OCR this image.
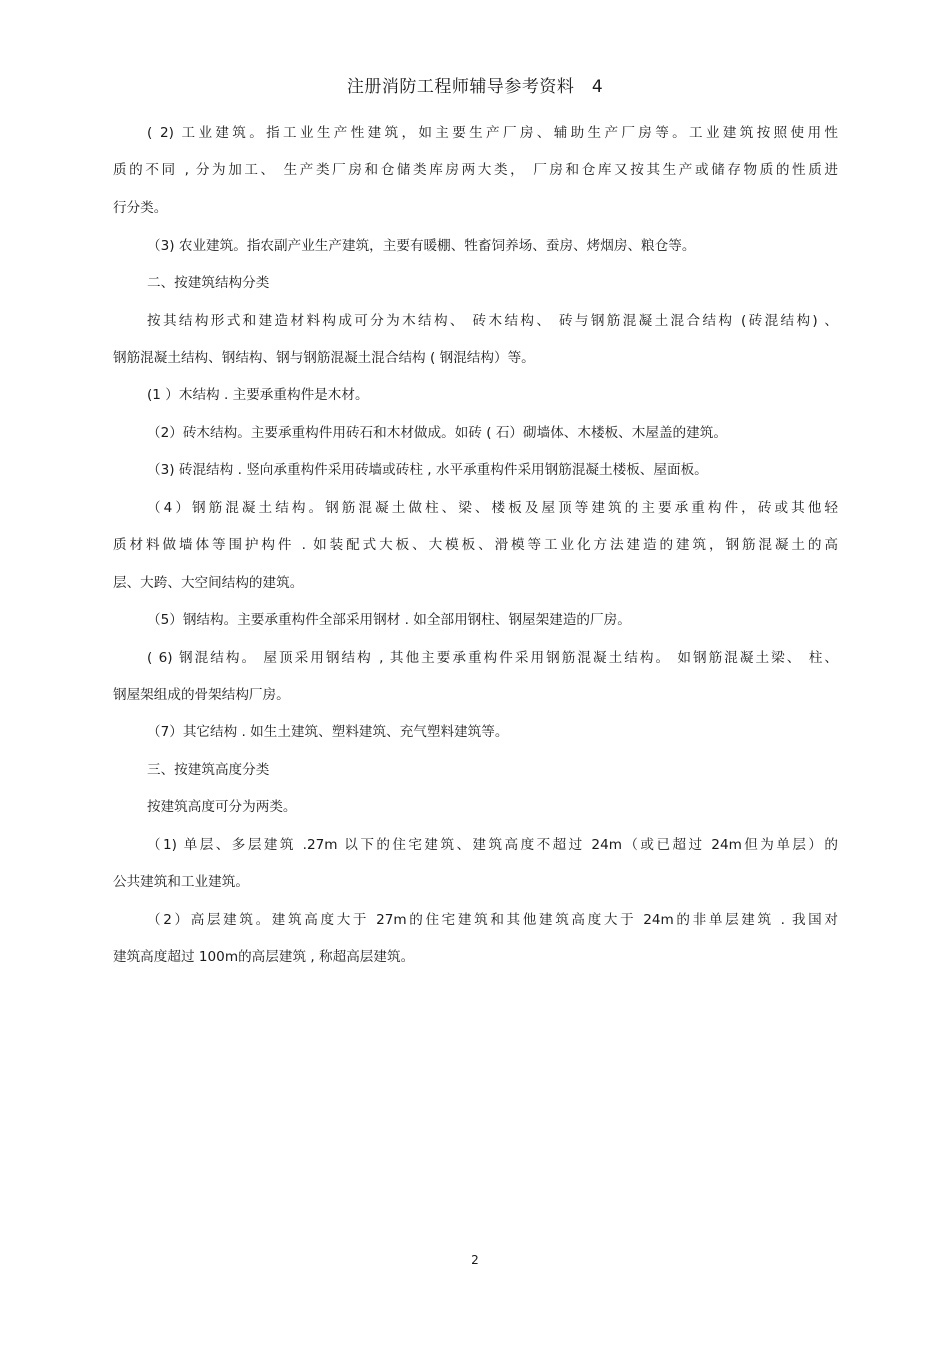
注册消防工程师辅导参考资料　4
( 2) 工业建筑。指工业生产性建筑，如主要生产厂房、辅助生产厂房等。工业建筑按照使用性
质的不同 , 分为加工、 生产类厂房和仓储类库房两大类， 厂房和仓库又按其生产或储存物质的性质进
行分类。
（3) 农业建筑。指农副产业生产建筑，主要有暖棚、牲畜饲养场、蚕房、烤烟房、粮仓等。
二、按建筑结构分类
按其结构形式和建造材料构成可分为木结构、 砖木结构、 砖与钢筋混凝土混合结构 (砖混结构) 、
钢筋混凝土结构、钢结构、钢与钢筋混凝土混合结构 ( 钢混结构）等。
(1 ）木结构 . 主要承重构件是木材。
（2）砖木结构。主要承重构件用砖石和木材做成。如砖 ( 石）砌墙体、木楼板、木屋盖的建筑。
（3) 砖混结构 . 竖向承重构件采用砖墙或砖柱 , 水平承重构件采用钢筋混凝土楼板、屋面板。
（4）钢筋混凝土结构。钢筋混凝土做柱、梁、楼板及屋顶等建筑的主要承重构件，砖或其他轻
质材料做墙体等围护构件 . 如装配式大板、大模板、滑模等工业化方法建造的建筑，钢筋混凝土的高
层、大跨、大空间结构的建筑。
（5）钢结构。主要承重构件全部采用钢材 . 如全部用钢柱、钢屋架建造的厂房。
( 6) 钢混结构。 屋顶采用钢结构 , 其他主要承重构件采用钢筋混凝土结构。 如钢筋混凝土梁、 柱、
钢屋架组成的骨架结构厂房。
（7）其它结构 . 如生土建筑、塑料建筑、充气塑料建筑等。
三、按建筑高度分类
按建筑高度可分为两类。
（1) 单层、多层建筑 .27m 以下的住宅建筑、建筑高度不超过 24m（或已超过 24m但为单层）的
公共建筑和工业建筑。
（2）高层建筑。建筑高度大于 27m的住宅建筑和其他建筑高度大于 24m的非单层建筑 . 我国对
建筑高度超过 100m的高层建筑 , 称超高层建筑。
2
